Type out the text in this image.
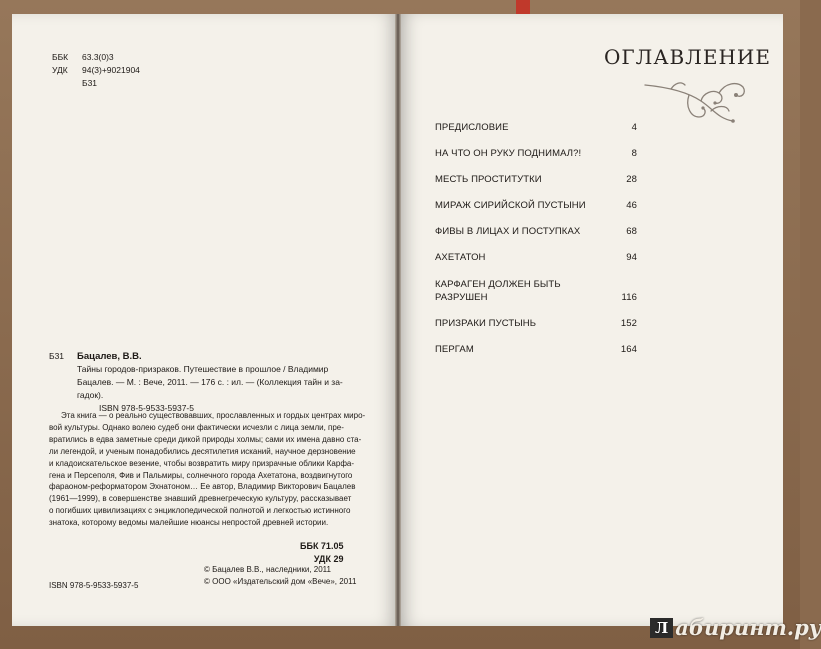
ББК	63.3(0)3
УДК	94(3)+9021904
Б31
Б31 Бацалев, В.В.
Тайны городов-призраков. Путешествие в прошлое / Владимир
Бацалев. — М. : Вече, 2011. — 176 с. : ил. — (Коллекция тайн и за-
гадок).
ISBN 978-5-9533-5937-5
Эта книга — о реально существовавших, прославленных и гордых центрах миро-
вой культуры. Однако волею судеб они фактически исчезли с лица земли, пре-
вратились в едва заметные среди дикой природы холмы; сами их имена давно ста-
ли легендой, и ученым понадобились десятилетия исканий, научное дерзновение
и кладоискательское везение, чтобы возвратить миру призрачные облики Карфа-
гена и Персеполя, Фив и Пальмиры, солнечного города Ахетатона, воздвигнутого
фараоном-реформатором Эхнатоном… Ее автор, Владимир Викторович Бацалев
(1961—1999), в совершенстве знавший древнегреческую культуру, рассказывает
о погибших цивилизациях с энциклопедической полнотой и легкостью истинного
знатока, которому ведомы малейшие нюансы непростой древней истории.
ББК 71.05
УДК 29
ISBN 978-5-9533-5937-5
© Бацалев В.В., наследники, 2011
© ООО «Издательский дом «Вече», 2011
ОГЛАВЛЕНИЕ
ПРЕДИСЛОВИЕ	4
НА ЧТО ОН РУКУ ПОДНИМАЛ?!	8
МЕСТЬ ПРОСТИТУТКИ	28
МИРАЖ СИРИЙСКОЙ ПУСТЫНИ	46
ФИВЫ В ЛИЦАХ И ПОСТУПКАХ	68
АХЕТАТОН	94
КАРФАГЕН ДОЛЖЕН БЫТЬ РАЗРУШЕН	116
ПРИЗРАКИ ПУСТЫНЬ	152
ПЕРГАМ	164
Л абиринт.ру
